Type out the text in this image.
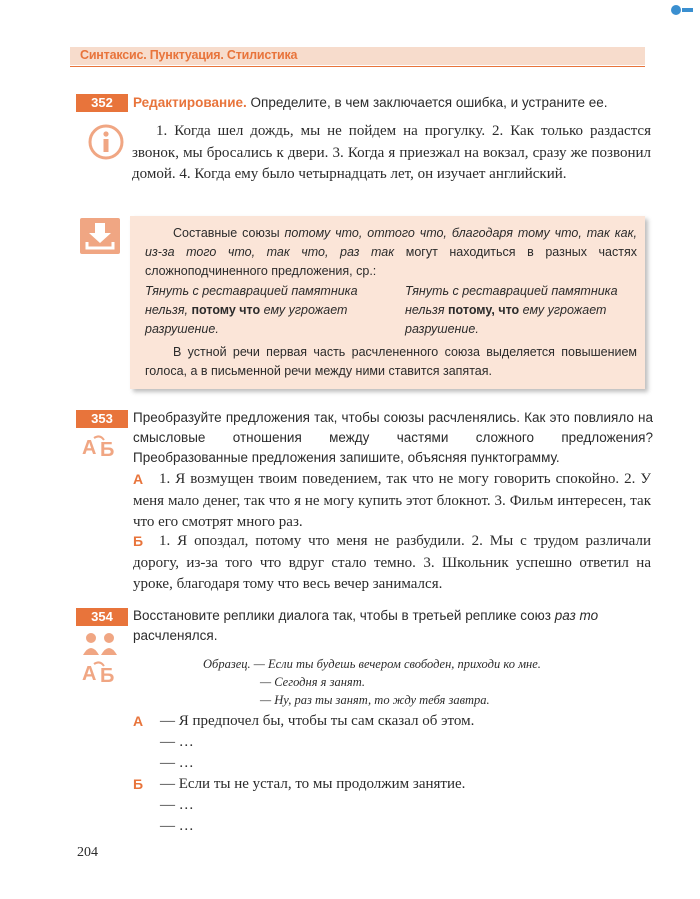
Синтаксис. Пунктуация. Стилистика
352	Редактирование. Определите, в чем заключается ошибка, и устраните ее.

1. Когда шел дождь, мы не пойдем на прогулку. 2. Как только раздастся звонок, мы бросались к двери. 3. Когда я приезжал на вокзал, сразу же позвонил домой. 4. Когда ему было четырнадцать лет, он изучает английский.

Составные союзы потому что, оттого что, благодаря тому что, так как, из-за того что, так что, раз так могут находиться в разных частях сложноподчиненного предложения, ср.:
Тянуть с реставрацией памятника нельзя, потому что ему угрожает разрушение.
Тянуть с реставрацией памятника нельзя потому, что ему угрожает разрушение.
В устной речи первая часть расчлененного союза выделяется повышением голоса, а в письменной речи между ними ставится запятая.
353
А Б
Преобразуйте предложения так, чтобы союзы расчленялись. Как это повлияло на смысловые отношения между частями сложного предложения? Преобразованные предложения запишите, объясняя пунктограмму.
А	1. Я возмущен твоим поведением, так что не могу говорить спокойно. 2. У меня мало денег, так что я не могу купить этот блокнот. 3. Фильм интересен, так что его смотрят много раз.

Б	1. Я опоздал, потому что меня не разбудили. 2. Мы с трудом различали дорогу, из-за того что вдруг стало темно. 3. Школьник успешно ответил на уроке, благодаря тому что весь вечер занимался.

354
А Б
Восстановите реплики диалога так, чтобы в третьей реплике союз раз то расчленялся.
Образец. — Если ты будешь вечером свободен, приходи ко мне.
— Сегодня я занят.
— Ну, раз ты занят, то жду тебя завтра.
А — Я предпочел бы, чтобы ты сам сказал об этом.
— …
— …
Б — Если ты не устал, то мы продолжим занятие.
— …
— …
204
